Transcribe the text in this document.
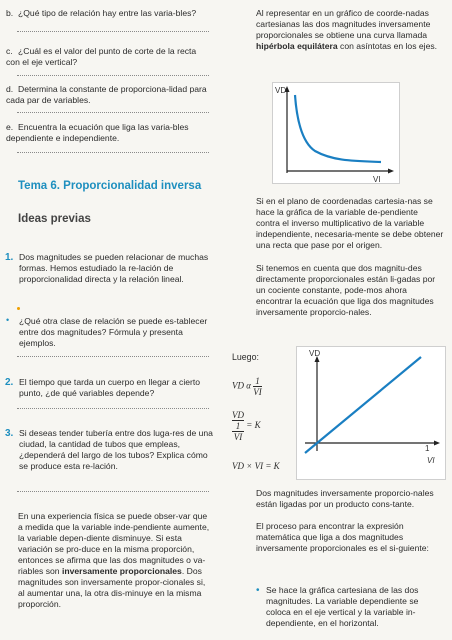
b. ¿Qué tipo de relación hay entre las varia-bles?
c. ¿Cuál es el valor del punto de corte de la recta con el eje vertical?
d. Determina la constante de proporciona-lidad para cada par de variables.
e. Encuentra la ecuación que liga las varia-bles dependiente e independiente.
Tema 6. Proporcionalidad inversa
Ideas previas
1. Dos magnitudes se pueden relacionar de muchas formas. Hemos estudiado la re-lación de proporcionalidad directa y la relación lineal.
• ¿Qué otra clase de relación se puede es-tablecer entre dos magnitudes? Fórmula y presenta ejemplos.
2. El tiempo que tarda un cuerpo en llegar a cierto punto, ¿de qué variables depende?
3. Si deseas tender tubería entre dos luga-res de una ciudad, la cantidad de tubos que empleas, ¿dependerá del largo de los tubos? Explica cómo se produce esta re-lación.
En una experiencia física se puede obser-var que a medida que la variable inde-pendiente aumente, la variable depen-diente disminuye. Si esta variación se pro-duce en la misma proporción, entonces se afirma que las dos magnitudes o va-riables son inversamente proporcionales. Dos magnitudes son inversamente propor-cionales si, al aumentar una, la otra dis-minuye en la misma proporción.
Al representar en un gráfico de coorde-nadas cartesianas las dos magnitudes inversamente proporcionales se obtiene una curva llamada hipérbola equilátera con asíntotas en los ejes.
VD
VI
Si en el plano de coordenadas cartesia-nas se hace la gráfica de la variable de-pendiente contra el inverso multiplicativo de la variable independiente, necesaria-mente se debe obtener una recta que pase por el origen.
Si tenemos en cuenta que dos magnitu-des directamente proporcionales están li-gadas por un cociente constante, pode-mos ahora encontrar la ecuación que liga dos magnitudes inversamente proporcio-nales.
Luego:
VD α $\frac{1}{VI}$
VD
1
VI
= K
VD × VI = K
VD
1
VI
Dos magnitudes inversamente proporcio-nales están ligadas por un producto cons-tante.
El proceso para encontrar la expresión matemática que liga a dos magnitudes inversamente proporcionales es el si-guiente:
• Se hace la gráfica cartesiana de las dos magnitudes. La variable dependiente se coloca en el eje vertical y la variable in-dependiente, en el horizontal.
